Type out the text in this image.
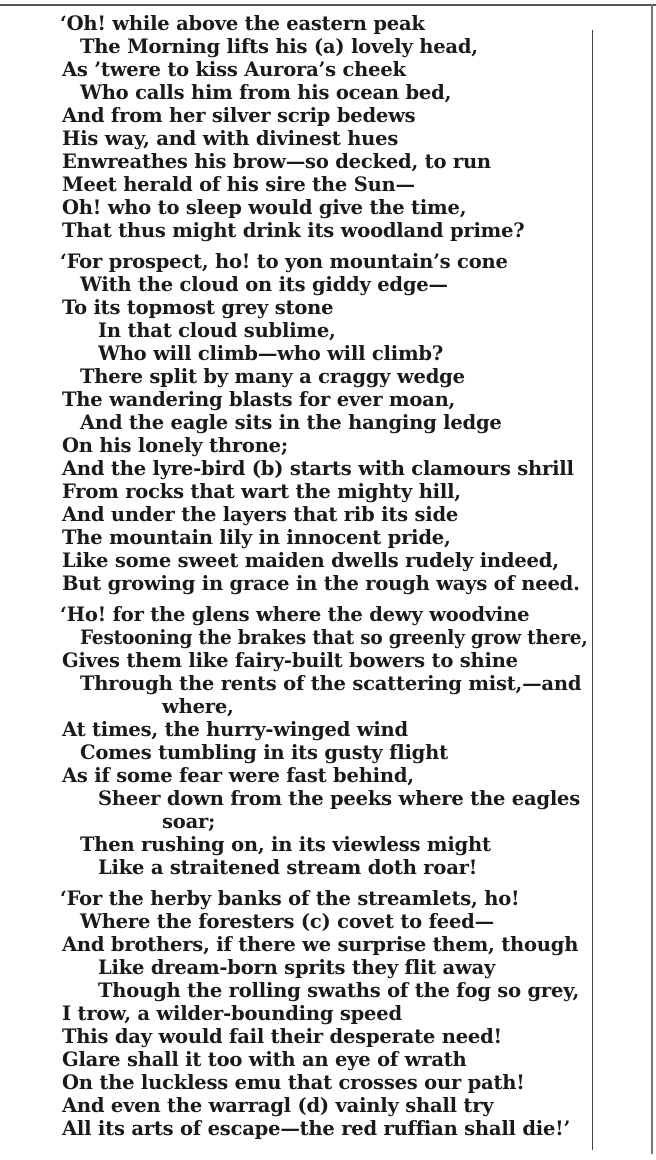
‘Oh! while above the eastern peak
The Morning lifts his (a) lovely head,
As ’twere to kiss Aurora’s cheek
Who calls him from his ocean bed,
And from her silver scrip bedews
His way, and with divinest hues
Enwreathes his brow—so decked, to run
Meet herald of his sire the Sun—
Oh! who to sleep would give the time,
That thus might drink its woodland prime?
‘For prospect, ho! to yon mountain’s cone
With the cloud on its giddy edge—
To its topmost grey stone
In that cloud sublime,
Who will climb—who will climb?
There split by many a craggy wedge
The wandering blasts for ever moan,
And the eagle sits in the hanging ledge
On his lonely throne;
And the lyre-bird (b) starts with clamours shrill
From rocks that wart the mighty hill,
And under the layers that rib its side
The mountain lily in innocent pride,
Like some sweet maiden dwells rudely indeed,
But growing in grace in the rough ways of need.
‘Ho! for the glens where the dewy woodvine
Festooning the brakes that so greenly grow there,
Gives them like fairy-built bowers to shine
Through the rents of the scattering mist,—and
where,
At times, the hurry-winged wind
Comes tumbling in its gusty flight
As if some fear were fast behind,
Sheer down from the peeks where the eagles
soar;
Then rushing on, in its viewless might
Like a straitened stream doth roar!
‘For the herby banks of the streamlets, ho!
Where the foresters (c) covet to feed—
And brothers, if there we surprise them, though
Like dream-born sprits they flit away
Though the rolling swaths of the fog so grey,
I trow, a wilder-bounding speed
This day would fail their desperate need!
Glare shall it too with an eye of wrath
On the luckless emu that crosses our path!
And even the warragl (d) vainly shall try
All its arts of escape—the red ruffian shall die!’
